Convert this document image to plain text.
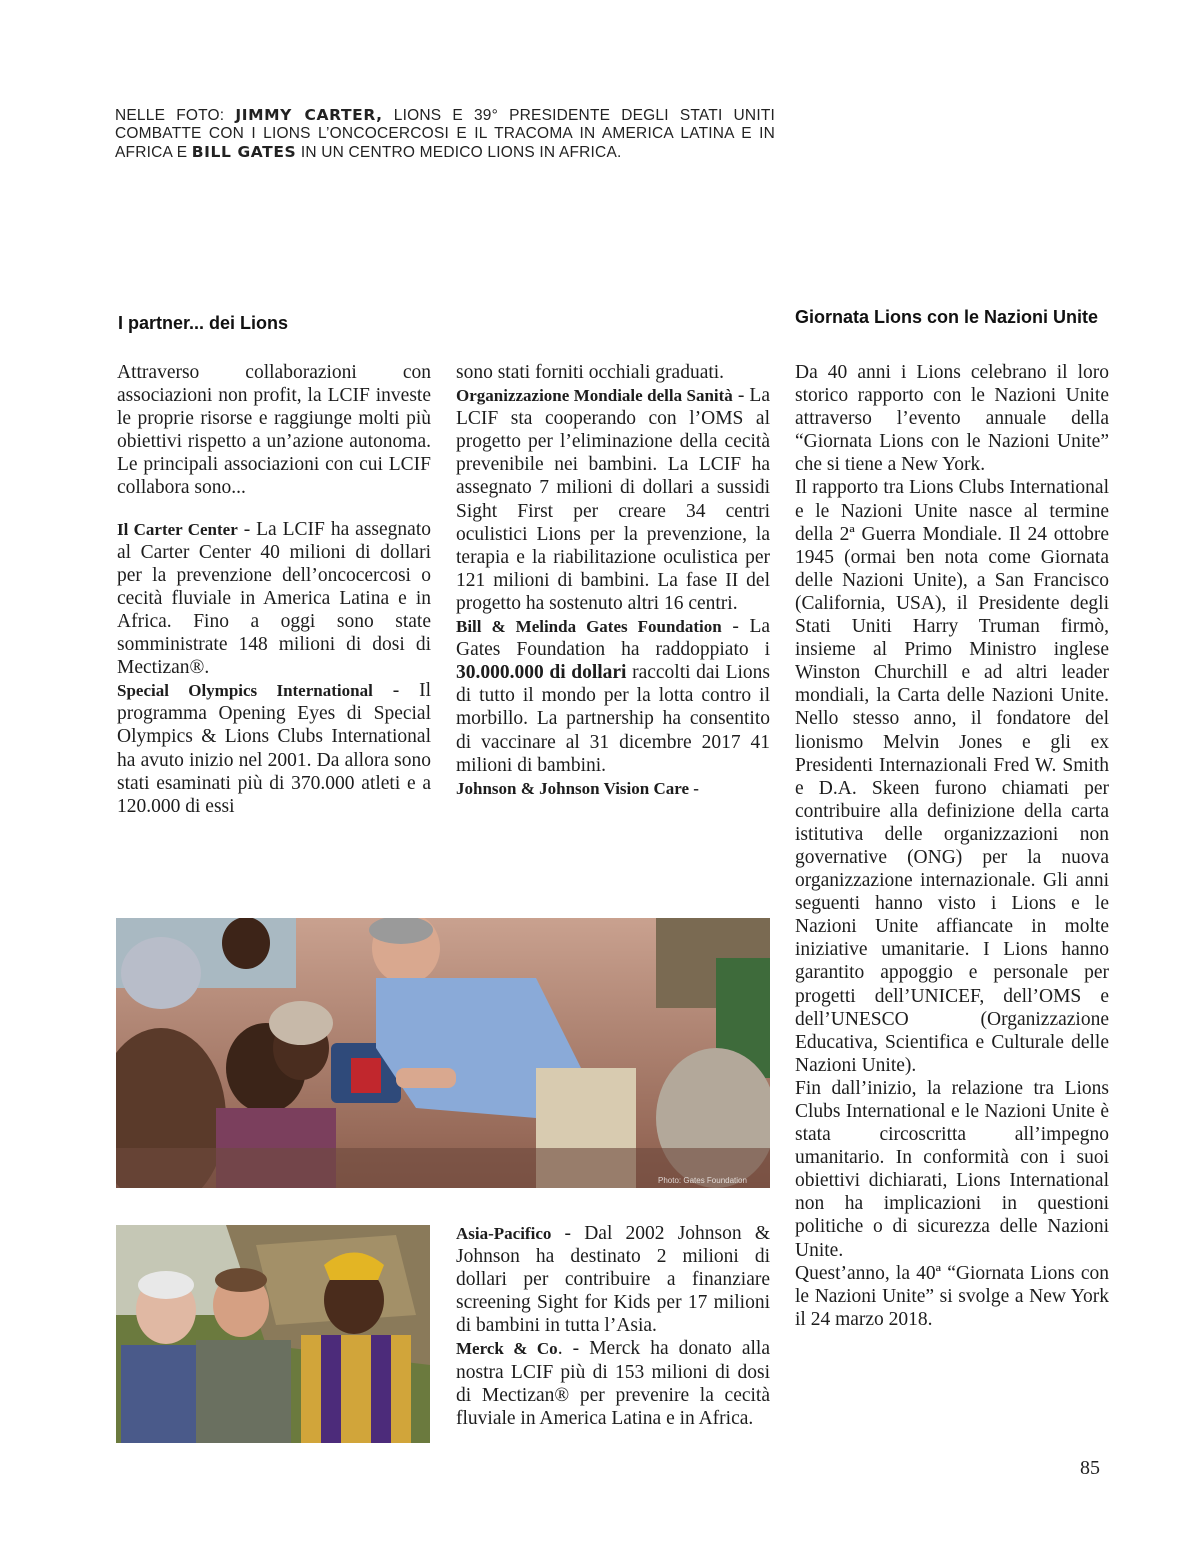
NELLE FOTO: JIMMY CARTER, LIONS E 39° PRESIDENTE DEGLI STATI UNITI COMBATTE CON I LIONS L’ONCOCERCOSI E IL TRACOMA IN AMERICA LATINA E IN AFRICA E BILL GATES IN UN CENTRO MEDICO LIONS IN AFRICA.
I partner... dei Lions	Giornata Lions con le Nazioni Unite

Attraverso collaborazioni con associazioni non profit, la LCIF investe le proprie risorse e raggiunge molti più obiettivi rispetto a un’azione autonoma. Le principali associazioni con cui LCIF collabora sono...

Il Carter Center - La LCIF ha assegnato al Carter Center 40 milioni di dollari per la prevenzione dell’oncocercosi o cecità fluviale in America Latina e in Africa. Fino a oggi sono state somministrate 148 milioni di dosi di Mectizan®.

Special Olympics International - Il programma Opening Eyes di Special Olympics & Lions Clubs International ha avuto inizio nel 2001. Da allora sono stati esaminati più di 370.000 atleti e a 120.000 di essi

sono stati forniti occhiali graduati.

Organizzazione Mondiale della Sanità - La LCIF sta cooperando con l’OMS al progetto per l’eliminazione della cecità prevenibile nei bambini. La LCIF ha assegnato 7 milioni di dollari a sussidi Sight First per creare 34 centri oculistici Lions per la prevenzione, la terapia e la riabilitazione oculistica per 121 milioni di bambini. La fase II del progetto ha sostenuto altri 16 centri.

Bill & Melinda Gates Foundation - La Gates Foundation ha raddoppiato i 30.000.000 di dollari raccolti dai Lions di tutto il mondo per la lotta contro il morbillo. La partnership ha consentito di vaccinare al 31 dicembre 2017 41 milioni di bambini.

Johnson & Johnson Vision Care -

Asia-Pacifico - Dal 2002 Johnson & Johnson ha destinato 2 milioni di dollari per contribuire a finanziare screening Sight for Kids per 17 milioni di bambini in tutta l’Asia.

Merck & Co. - Merck ha donato alla nostra LCIF più di 153 milioni di dosi di Mectizan® per prevenire la cecità fluviale in America Latina e in Africa.

Da 40 anni i Lions celebrano il loro storico rapporto con le Nazioni Unite attraverso l’evento annuale della “Giornata Lions con le Nazioni Unite” che si tiene a New York.

Il rapporto tra Lions Clubs International e le Nazioni Unite nasce al termine della 2ª Guerra Mondiale. Il 24 ottobre 1945 (ormai ben nota come Giornata delle Nazioni Unite), a San Francisco (California, USA), il Presidente degli Stati Uniti Harry Truman firmò, insieme al Primo Ministro inglese Winston Churchill e ad altri leader mondiali, la Carta delle Nazioni Unite. Nello stesso anno, il fondatore del lionismo Melvin Jones e gli ex Presidenti Internazionali Fred W. Smith e D.A. Skeen furono chiamati per contribuire alla definizione della carta istitutiva delle organizzazioni non governative (ONG) per la nuova organizzazione internazionale. Gli anni seguenti hanno visto i Lions e le Nazioni Unite affiancate in molte iniziative umanitarie. I Lions hanno garantito appoggio e personale per progetti dell’UNICEF, dell’OMS e dell’UNESCO (Organizzazione Educativa, Scientifica e Culturale delle Nazioni Unite).

Fin dall’inizio, la relazione tra Lions Clubs International e le Nazioni Unite è stata circoscritta all’impegno umanitario. In conformità con i suoi obiettivi dichiarati, Lions International non ha implicazioni in questioni politiche o di sicurezza delle Nazioni Unite.

Quest’anno, la 40ª “Giornata Lions con le Nazioni Unite” si svolge a New York il 24 marzo 2018.

Photo: Gates Foundation
85
